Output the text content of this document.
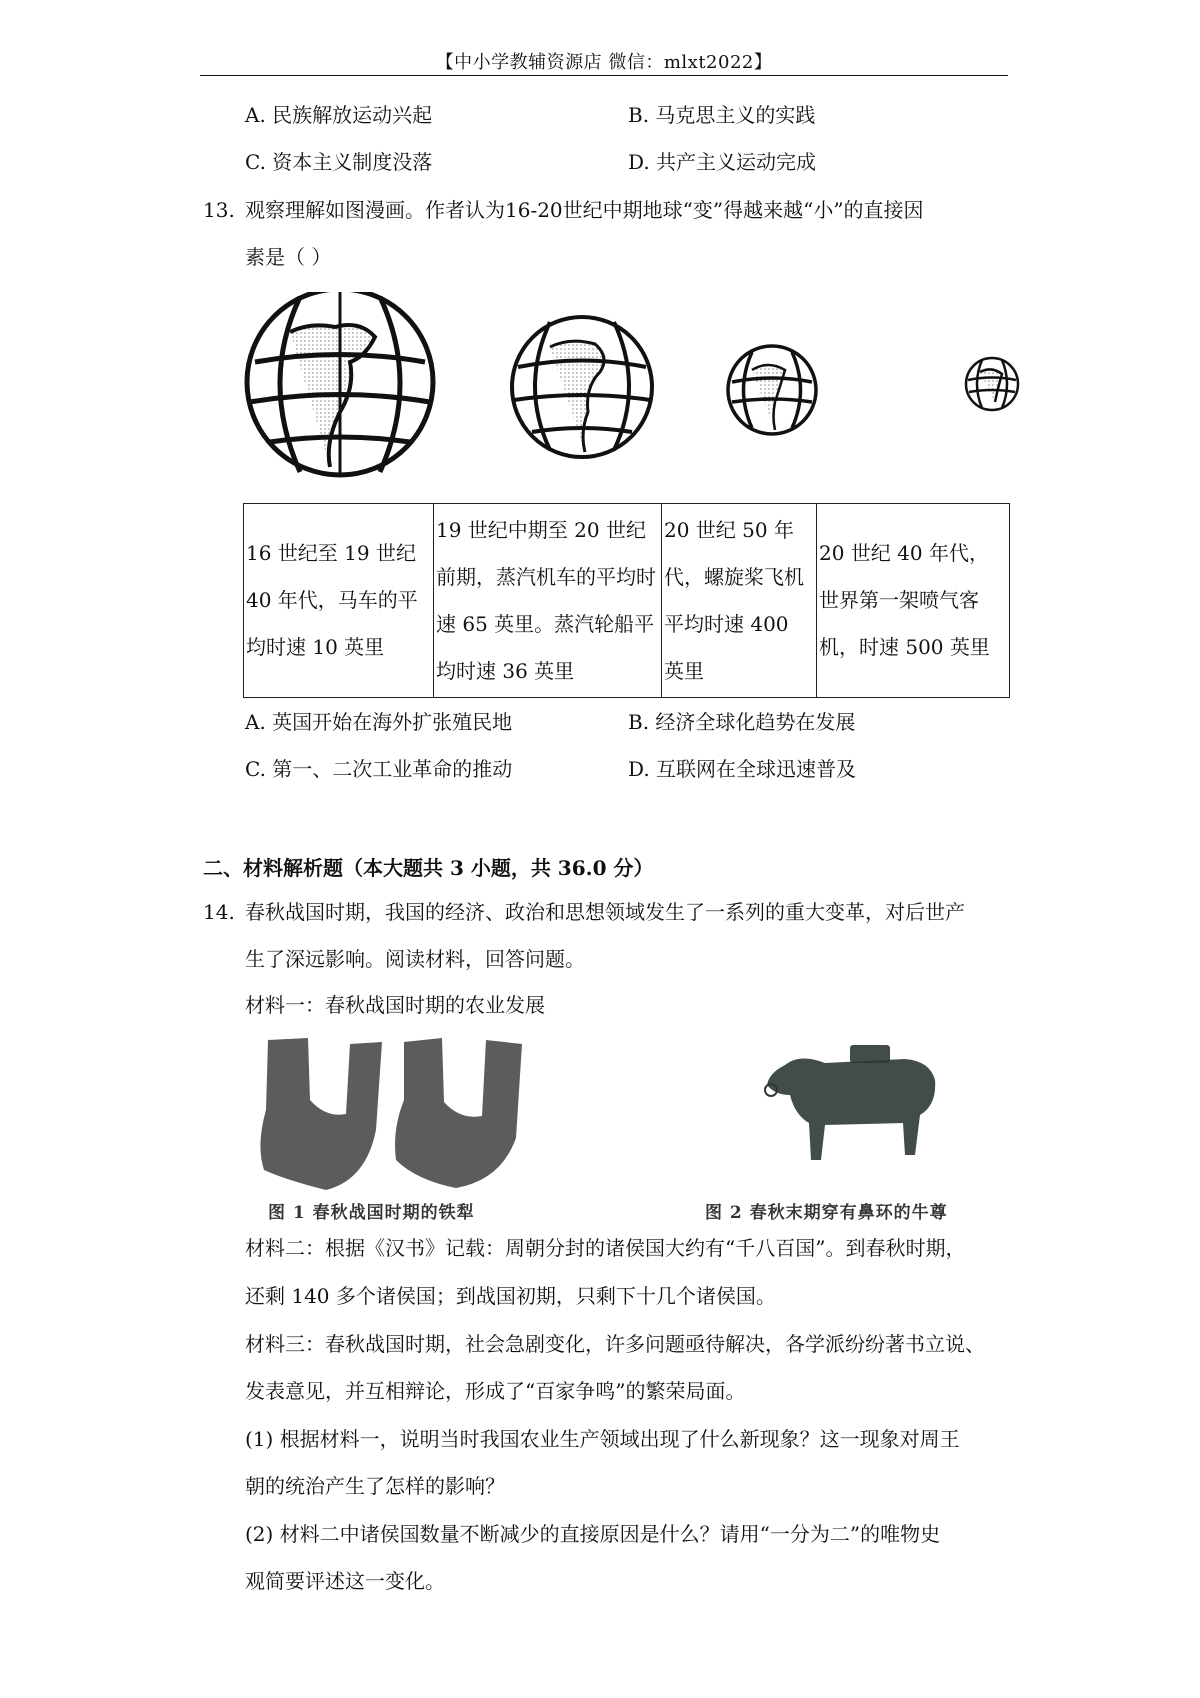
【中小学教辅资源店 微信：mlxt2022】
A. 民族解放运动兴起	B. 马克思主义的实践
C. 资本主义制度没落	D. 共产主义运动完成
13. 观察理解如图漫画。作者认为16-20世纪中期地球“变”得越来越“小”的直接因
素是（ ）
16 世纪至 19 世纪 40 年代，马车的平均时速 10 英里	19 世纪中期至 20 世纪前期，蒸汽机车的平均时速 65 英里。蒸汽轮船平均时速 36 英里	20 世纪 50 年代，螺旋桨飞机平均时速 400 英里	20 世纪 40 年代，世界第一架喷气客机，时速 500 英里
A. 英国开始在海外扩张殖民地	B. 经济全球化趋势在发展
C. 第一、二次工业革命的推动	D. 互联网在全球迅速普及
二、材料解析题（本大题共 3 小题，共 36.0 分）
14. 春秋战国时期，我国的经济、政治和思想领域发生了一系列的重大变革，对后世产
生了深远影响。阅读材料，回答问题。
材料一：春秋战国时期的农业发展
图 1 春秋战国时期的铁犁	图 2 春秋末期穿有鼻环的牛尊
材料二：根据《汉书》记载：周朝分封的诸侯国大约有“千八百国”。到春秋时期，
还剩 140 多个诸侯国；到战国初期，只剩下十几个诸侯国。
材料三：春秋战国时期，社会急剧变化，许多问题亟待解决，各学派纷纷著书立说、
发表意见，并互相辩论，形成了“百家争鸣”的繁荣局面。
(1) 根据材料一，说明当时我国农业生产领域出现了什么新现象？这一现象对周王
朝的统治产生了怎样的影响？
(2) 材料二中诸侯国数量不断减少的直接原因是什么？请用“一分为二”的唯物史
观简要评述这一变化。
